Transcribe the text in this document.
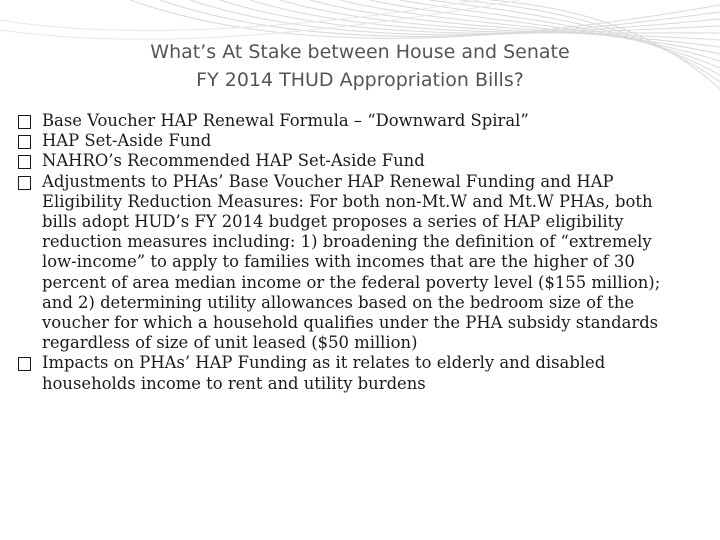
What’s At Stake between House and Senate
FY 2014 THUD Appropriation Bills?
Base Voucher HAP Renewal Formula – “Downward Spiral”
HAP Set-Aside Fund
NAHRO’s Recommended HAP Set-Aside Fund
Adjustments to PHAs’ Base Voucher HAP Renewal Funding and HAP Eligibility Reduction Measures: For both non-Mt.W and Mt.W PHAs, both bills adopt HUD’s FY 2014 budget proposes a series of HAP eligibility reduction measures including: 1) broadening the definition of “extremely low-income” to apply to families with incomes that are the higher of 30 percent of area median income or the federal poverty level ($155 million); and 2) determining utility allowances based on the bedroom size of the voucher for which a household qualifies under the PHA subsidy standards regardless of size of unit leased ($50 million)
Impacts on PHAs’ HAP Funding as it relates to elderly and disabled households income to rent and utility burdens
